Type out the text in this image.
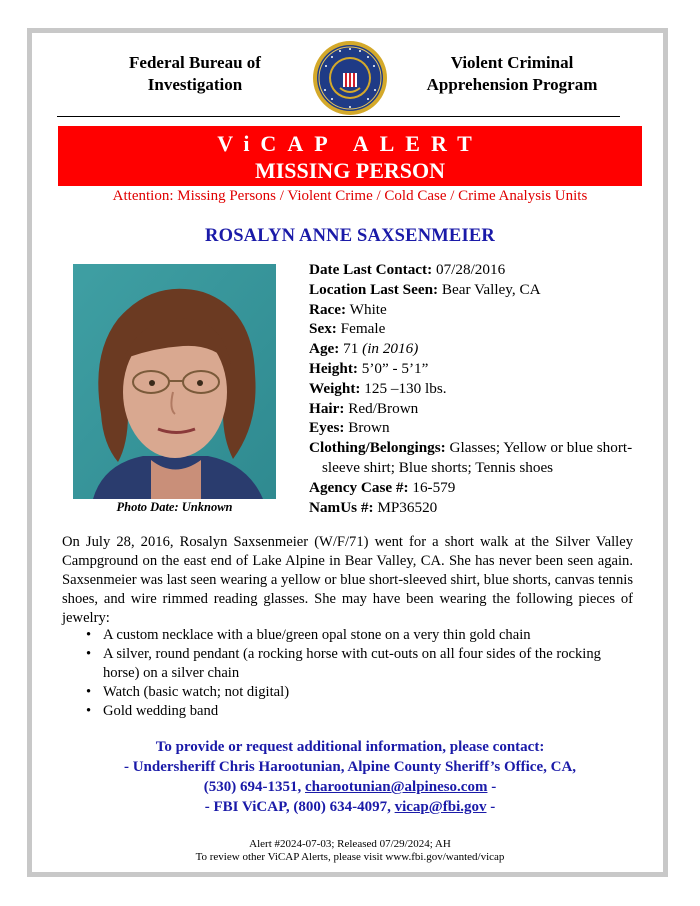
Federal Bureau of
Investigation
Violent Criminal
Apprehension Program
ViCAP ALERT
MISSING PERSON
Attention: Missing Persons / Violent Crime / Cold Case / Crime Analysis Units
ROSALYN ANNE SAXSENMEIER
Photo Date: Unknown
Date Last Contact: 07/28/2016
Location Last Seen: Bear Valley, CA
Race: White
Sex: Female
Age: 71 (in 2016)
Height: 5’0” - 5’1”
Weight: 125 –130 lbs.
Hair: Red/Brown
Eyes: Brown
Clothing/Belongings: Glasses; Yellow or blue short-sleeve shirt; Blue shorts; Tennis shoes
Agency Case #: 16-579
NamUs #: MP36520
On July 28, 2016, Rosalyn Saxsenmeier (W/F/71) went for a short walk at the Silver Valley Campground on the east end of Lake Alpine in Bear Valley, CA. She has never been seen again. Saxsenmeier was last seen wearing a yellow or blue short-sleeved shirt, blue shorts, canvas tennis shoes, and wire rimmed reading glasses. She may have been wearing the following pieces of jewelry:
• A custom necklace with a blue/green opal stone on a very thin gold chain
• A silver, round pendant (a rocking horse with cut-outs on all four sides of the rocking horse) on a silver chain
• Watch (basic watch; not digital)
• Gold wedding band
To provide or request additional information, please contact:
- Undersheriff Chris Harootunian, Alpine County Sheriff’s Office, CA,
(530) 694-1351, charootunian@alpineso.com -
- FBI ViCAP, (800) 634-4097, vicap@fbi.gov -
Alert #2024-07-03; Released 07/29/2024; AH
To review other ViCAP Alerts, please visit www.fbi.gov/wanted/vicap
